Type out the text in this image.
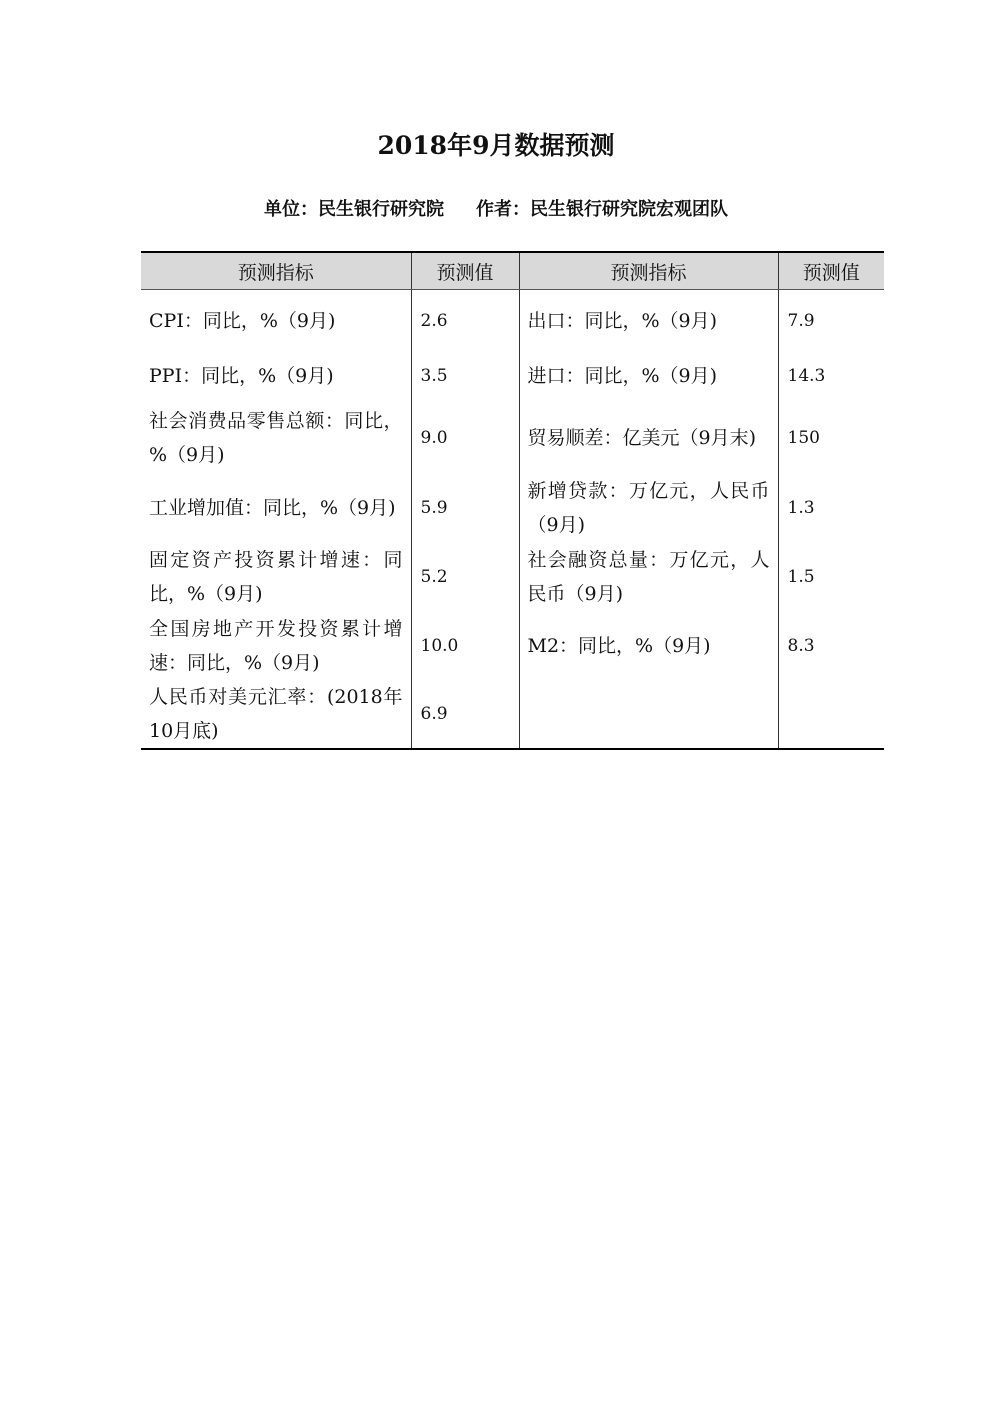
2018年9月数据预测
单位：民生银行研究院 作者：民生银行研究院宏观团队
预测指标	预测值	预测指标	预测值
CPI：同比，%（9月)	2.6	出口：同比，%（9月)	7.9
PPI：同比，%（9月)	3.5	进口：同比，%（9月)	14.3
社会消费品零售总额：同比，%（9月)	9.0	贸易顺差：亿美元（9月末)	150
工业增加值：同比，%（9月)	5.9	新增贷款：万亿元，人民币（9月)	1.3
固定资产投资累计增速：同比，%（9月)	5.2	社会融资总量：万亿元，人民币（9月)	1.5
全国房地产开发投资累计增速：同比，%（9月)	10.0	M2：同比，%（9月)	8.3
人民币对美元汇率：(2018年10月底)	6.9		
